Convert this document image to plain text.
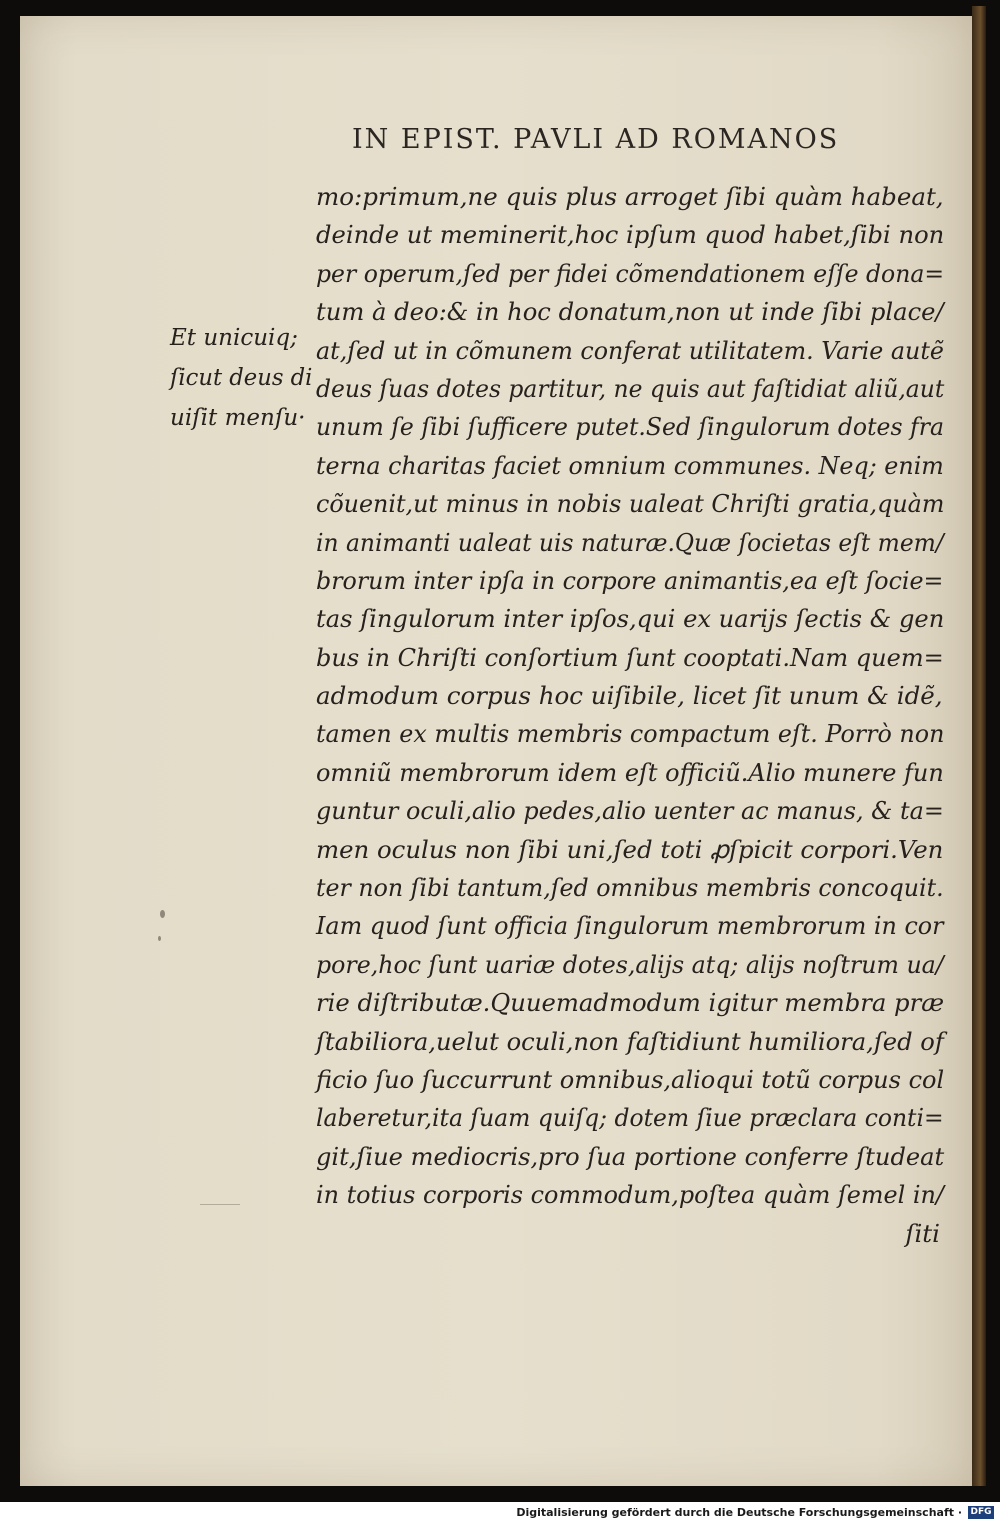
IN EPIST. PAVLI AD ROMANOS
Et unicuiq;
ſicut deus di
uiſit menſu·
mo:primum,ne quis plus arroget ſibi quàm habeat,
deinde ut meminerit,hoc ipſum quod habet,ſibi non
per operum,ſed per fidei cõmendationem eſſe dona=
tum à deo:& in hoc donatum,non ut inde ſibi place/
at,ſed ut in cõmunem conferat utilitatem. Varie autẽ
deus ſuas dotes partitur, ne quis aut faſtidiat aliũ,aut
unum ſe ſibi ſufficere putet.Sed ſingulorum dotes fra
terna charitas faciet omnium communes. Neq; enim
cõuenit,ut minus in nobis ualeat Chriſti gratia,quàm
in animanti ualeat uis naturæ.Quæ ſocietas eſt mem/
brorum inter ipſa in corpore animantis,ea eſt ſocie=
tas ſingulorum inter ipſos,qui ex uarijs ſectis & gen
bus in Chriſti conſortium ſunt cooptati.Nam quem=
admodum corpus hoc uiſibile, licet ſit unum & idẽ,
tamen ex multis membris compactum eſt. Porrò non
omniũ membrorum idem eſt officiũ.Alio munere fun
guntur oculi,alio pedes,alio uenter ac manus, & ta=
men oculus non ſibi uni,ſed toti ꝓſpicit corpori.Ven
ter non ſibi tantum,ſed omnibus membris concoquit.
Iam quod ſunt officia ſingulorum membrorum in cor
pore,hoc ſunt uariæ dotes,alijs atq; alijs noſtrum ua/
rie diſtributæ.Quuemadmodum igitur membra præ
ſtabiliora,uelut oculi,non faſtidiunt humiliora,ſed of
ficio ſuo ſuccurrunt omnibus,alioqui totũ corpus col
laberetur,ita ſuam quiſq; dotem ſiue præclara conti=
git,ſiue mediocris,pro ſua portione conferre ſtudeat
in totius corporis commodum,poſtea quàm ſemel in/
ſiti
Digitalisierung gefördert durch die Deutsche Forschungsgemeinschaft · DFG
